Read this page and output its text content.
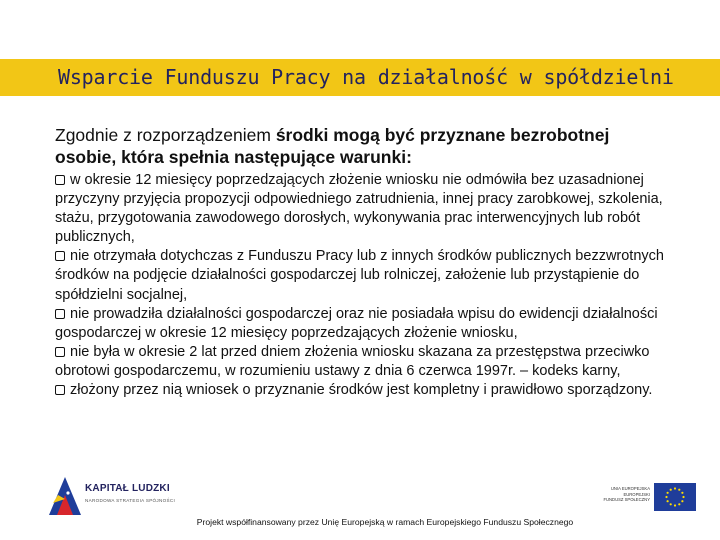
Wsparcie Funduszu Pracy na działalność w spółdzielni
Zgodnie z rozporządzeniem środki mogą być przyznane bezrobotnej osobie, która spełnia następujące warunki:
w okresie 12 miesięcy poprzedzających złożenie wniosku nie odmówiła bez uzasadnionej przyczyny przyjęcia propozycji odpowiedniego zatrudnienia, innej pracy zarobkowej, szkolenia, stażu, przygotowania zawodowego dorosłych, wykonywania prac interwencyjnych lub robót publicznych,
nie otrzymała dotychczas z Funduszu Pracy lub z innych środków publicznych bezzwrotnych środków na podjęcie działalności gospodarczej lub rolniczej, założenie lub przystąpienie do spółdzielni socjalnej,
nie prowadziła działalności gospodarczej oraz nie posiadała wpisu do ewidencji działalności gospodarczej w okresie 12 miesięcy poprzedzających złożenie wniosku,
nie była w okresie 2 lat przed dniem złożenia wniosku skazana za przestępstwa przeciwko obrotowi gospodarczemu, w rozumieniu ustawy z dnia 6 czerwca 1997r. – kodeks karny,
złożony przez nią wniosek o przyznanie środków jest kompletny i prawidłowo sporządzony.
KAPITAŁ LUDZKI
NARODOWA STRATEGIA SPÓJNOŚCI
UNIA EUROPEJSKA
EUROPEJSKI
FUNDUSZ SPOŁECZNY
Projekt współfinansowany przez Unię Europejską w ramach Europejskiego Funduszu Społecznego
